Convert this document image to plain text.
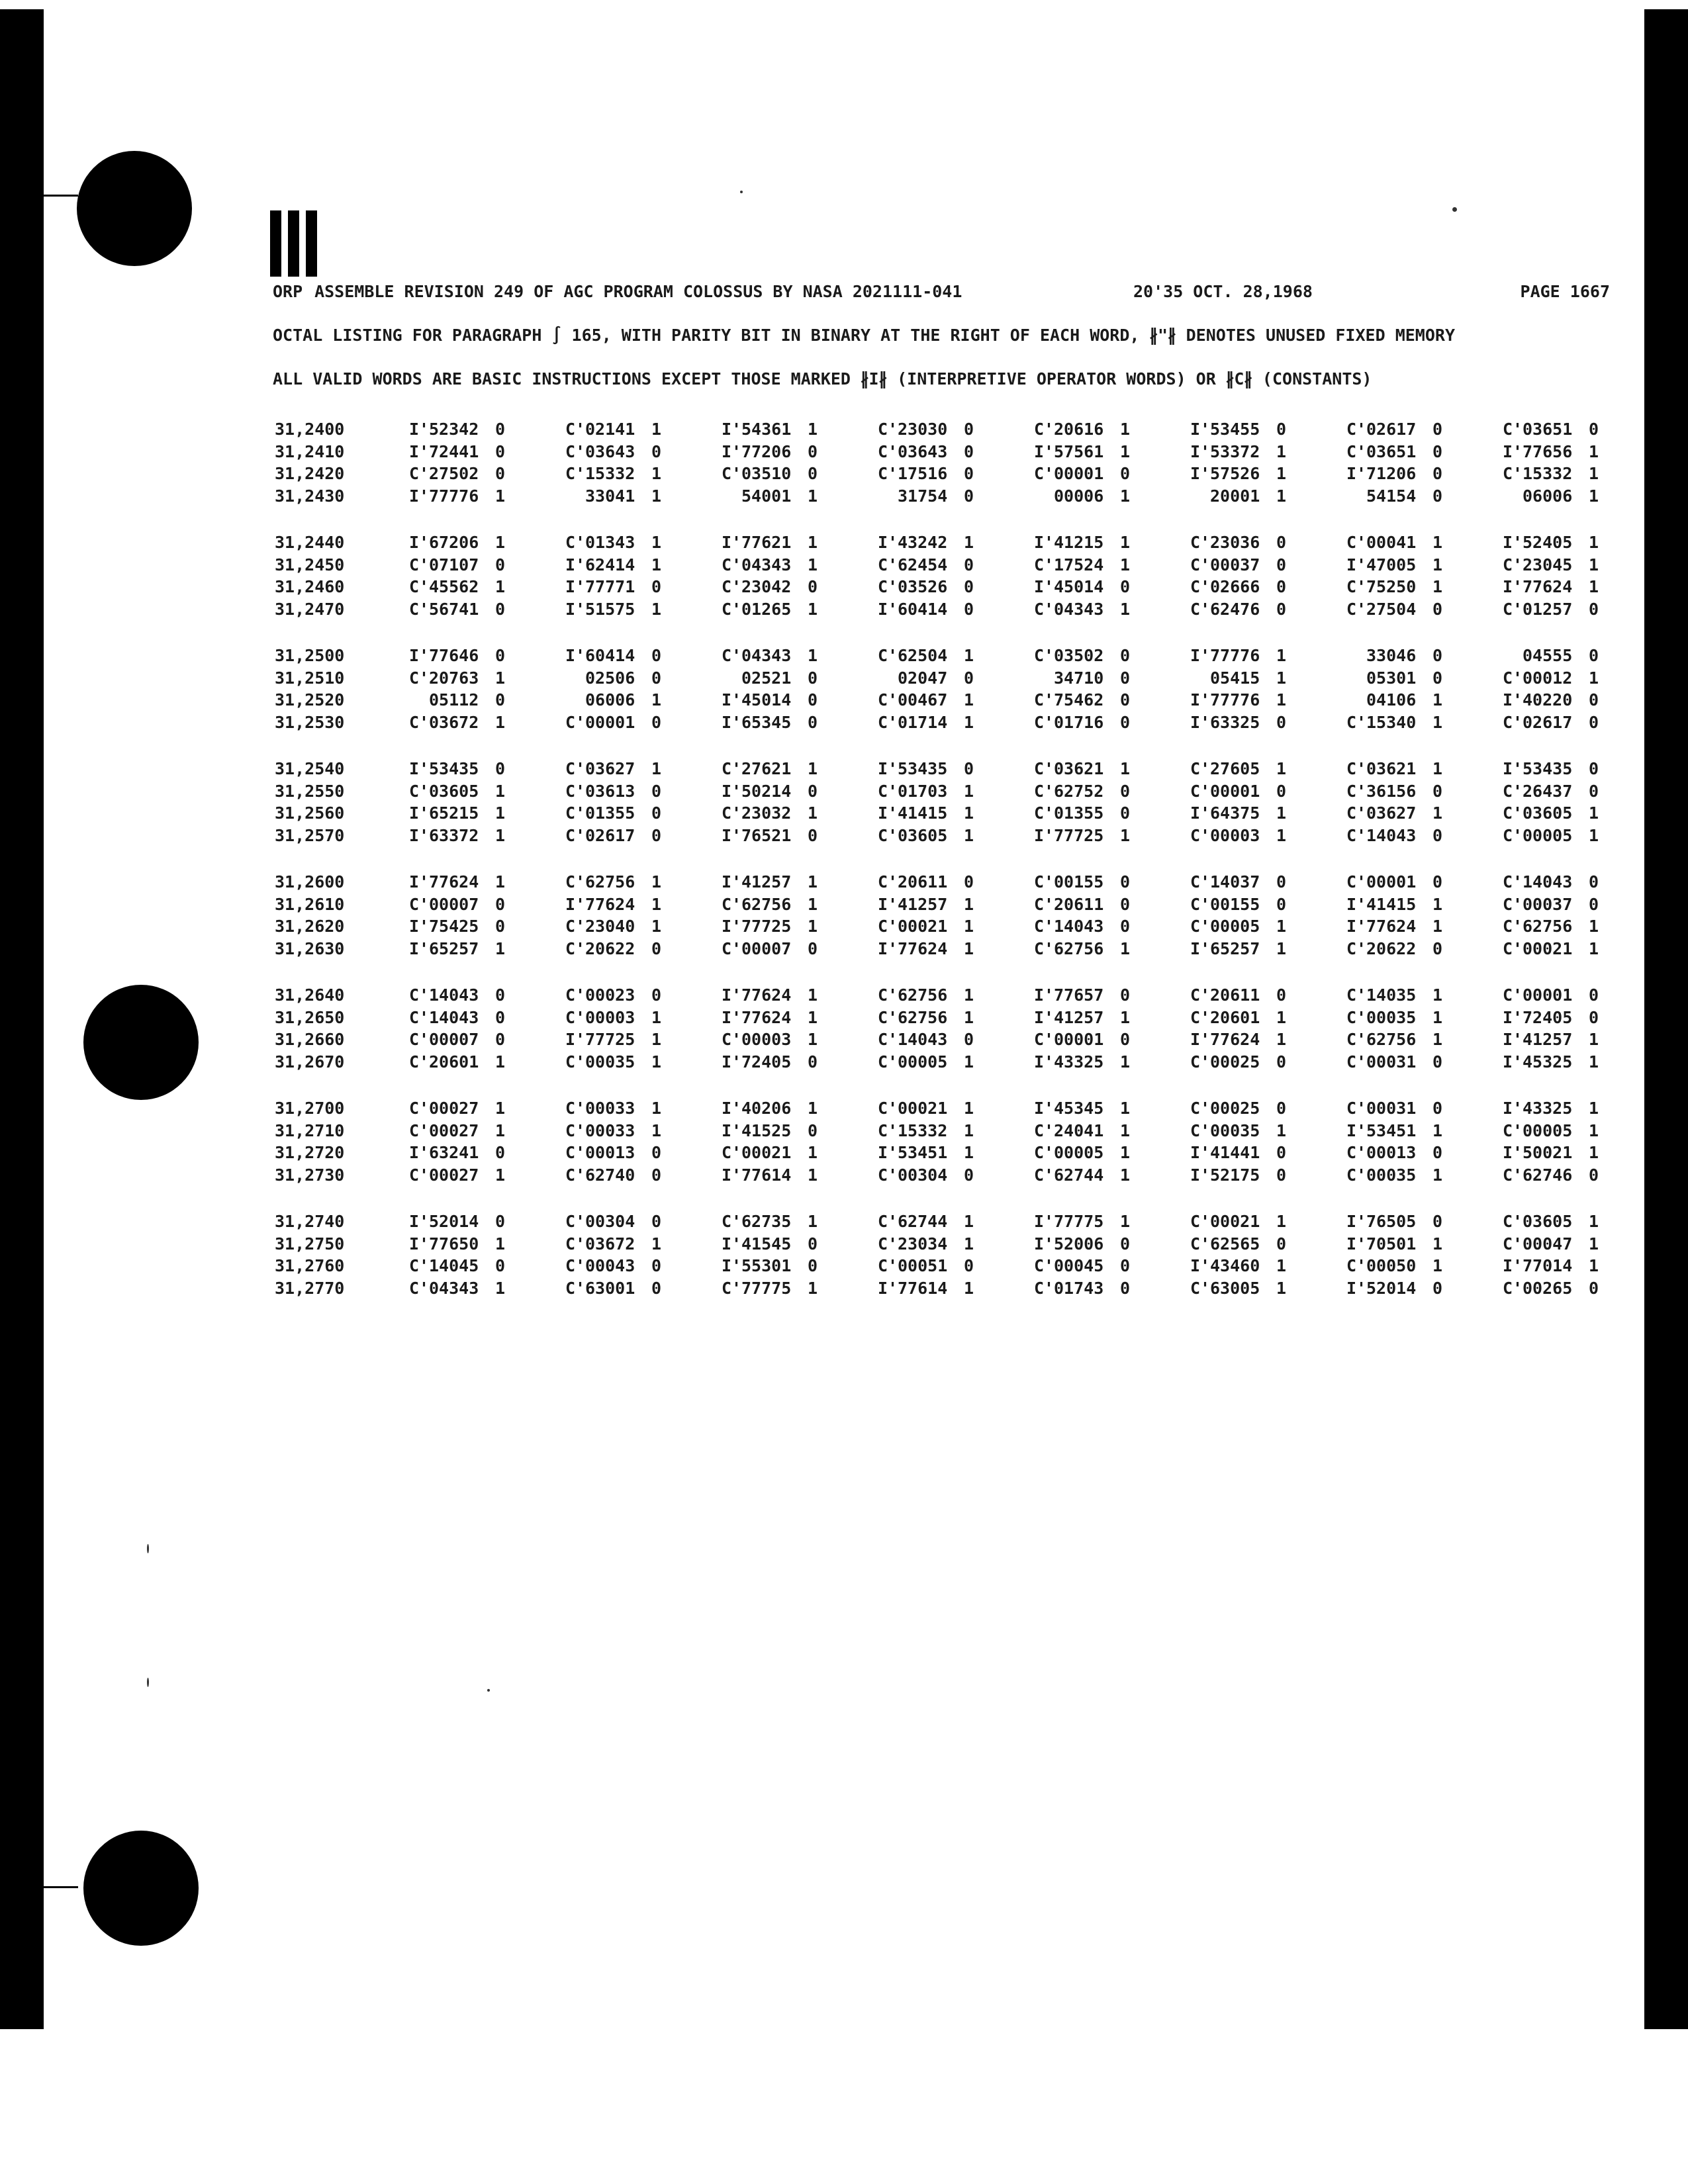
ORP ASSEMBLE REVISION 249 OF AGC PROGRAM COLOSSUS BY NASA 2021111-041	20'35 OCT. 28,1968	PAGE 1667
OCTAL LISTING FOR PARAGRAPH ∫ 165, WITH PARITY BIT IN BINARY AT THE RIGHT OF EACH WORD, ∦"∦ DENOTES UNUSED FIXED MEMORY
ALL VALID WORDS ARE BASIC INSTRUCTIONS EXCEPT THOSE MARKED ∦I∦ (INTERPRETIVE OPERATOR WORDS) OR ∦C∦ (CONSTANTS)
31,2400	I' 52342 0	C' 02141 1	I' 54361 1	C' 23030 0	C' 20616 1	I' 53455 0	C' 02617 0	C' 03651 0
31,2410	I' 72441 0	C' 03643 0	I' 77206 0	C' 03643 0	I' 57561 1	I' 53372 1	C' 03651 0	I' 77656 1
31,2420	C' 27502 0	C' 15332 1	C' 03510 0	C' 17516 0	C' 00001 0	I' 57526 1	I' 71206 0	C' 15332 1
31,2430	I' 77776 1	33041 1	54001 1	31754 0	00006 1	20001 1	54154 0	06006 1
31,2440	I' 67206 1	C' 01343 1	I' 77621 1	I' 43242 1	I' 41215 1	C' 23036 0	C' 00041 1	I' 52405 1
31,2450	C' 07107 0	I' 62414 1	C' 04343 1	C' 62454 0	C' 17524 1	C' 00037 0	I' 47005 1	C' 23045 1
31,2460	C' 45562 1	I' 77771 0	C' 23042 0	C' 03526 0	I' 45014 0	C' 02666 0	C' 75250 1	I' 77624 1
31,2470	C' 56741 0	I' 51575 1	C' 01265 1	I' 60414 0	C' 04343 1	C' 62476 0	C' 27504 0	C' 01257 0
31,2500	I' 77646 0	I' 60414 0	C' 04343 1	C' 62504 1	C' 03502 0	I' 77776 1	33046 0	04555 0
31,2510	C' 20763 1	02506 0	02521 0	02047 0	34710 0	05415 1	05301 0	C' 00012 1
31,2520	05112 0	06006 1	I' 45014 0	C' 00467 1	C' 75462 0	I' 77776 1	04106 1	I' 40220 0
31,2530	C' 03672 1	C' 00001 0	I' 65345 0	C' 01714 1	C' 01716 0	I' 63325 0	C' 15340 1	C' 02617 0
31,2540	I' 53435 0	C' 03627 1	C' 27621 1	I' 53435 0	C' 03621 1	C' 27605 1	C' 03621 1	I' 53435 0
31,2550	C' 03605 1	C' 03613 0	I' 50214 0	C' 01703 1	C' 62752 0	C' 00001 0	C' 36156 0	C' 26437 0
31,2560	I' 65215 1	C' 01355 0	C' 23032 1	I' 41415 1	C' 01355 0	I' 64375 1	C' 03627 1	C' 03605 1
31,2570	I' 63372 1	C' 02617 0	I' 76521 0	C' 03605 1	I' 77725 1	C' 00003 1	C' 14043 0	C' 00005 1
31,2600	I' 77624 1	C' 62756 1	I' 41257 1	C' 20611 0	C' 00155 0	C' 14037 0	C' 00001 0	C' 14043 0
31,2610	C' 00007 0	I' 77624 1	C' 62756 1	I' 41257 1	C' 20611 0	C' 00155 0	I' 41415 1	C' 00037 0
31,2620	I' 75425 0	C' 23040 1	I' 77725 1	C' 00021 1	C' 14043 0	C' 00005 1	I' 77624 1	C' 62756 1
31,2630	I' 65257 1	C' 20622 0	C' 00007 0	I' 77624 1	C' 62756 1	I' 65257 1	C' 20622 0	C' 00021 1
31,2640	C' 14043 0	C' 00023 0	I' 77624 1	C' 62756 1	I' 77657 0	C' 20611 0	C' 14035 1	C' 00001 0
31,2650	C' 14043 0	C' 00003 1	I' 77624 1	C' 62756 1	I' 41257 1	C' 20601 1	C' 00035 1	I' 72405 0
31,2660	C' 00007 0	I' 77725 1	C' 00003 1	C' 14043 0	C' 00001 0	I' 77624 1	C' 62756 1	I' 41257 1
31,2670	C' 20601 1	C' 00035 1	I' 72405 0	C' 00005 1	I' 43325 1	C' 00025 0	C' 00031 0	I' 45325 1
31,2700	C' 00027 1	C' 00033 1	I' 40206 1	C' 00021 1	I' 45345 1	C' 00025 0	C' 00031 0	I' 43325 1
31,2710	C' 00027 1	C' 00033 1	I' 41525 0	C' 15332 1	C' 24041 1	C' 00035 1	I' 53451 1	C' 00005 1
31,2720	I' 63241 0	C' 00013 0	C' 00021 1	I' 53451 1	C' 00005 1	I' 41441 0	C' 00013 0	I' 50021 1
31,2730	C' 00027 1	C' 62740 0	I' 77614 1	C' 00304 0	C' 62744 1	I' 52175 0	C' 00035 1	C' 62746 0
31,2740	I' 52014 0	C' 00304 0	C' 62735 1	C' 62744 1	I' 77775 1	C' 00021 1	I' 76505 0	C' 03605 1
31,2750	I' 77650 1	C' 03672 1	I' 41545 0	C' 23034 1	I' 52006 0	C' 62565 0	I' 70501 1	C' 00047 1
31,2760	C' 14045 0	C' 00043 0	I' 55301 0	C' 00051 0	C' 00045 0	I' 43460 1	C' 00050 1	I' 77014 1
31,2770	C' 04343 1	C' 63001 0	C' 77775 1	I' 77614 1	C' 01743 0	C' 63005 1	I' 52014 0	C' 00265 0
